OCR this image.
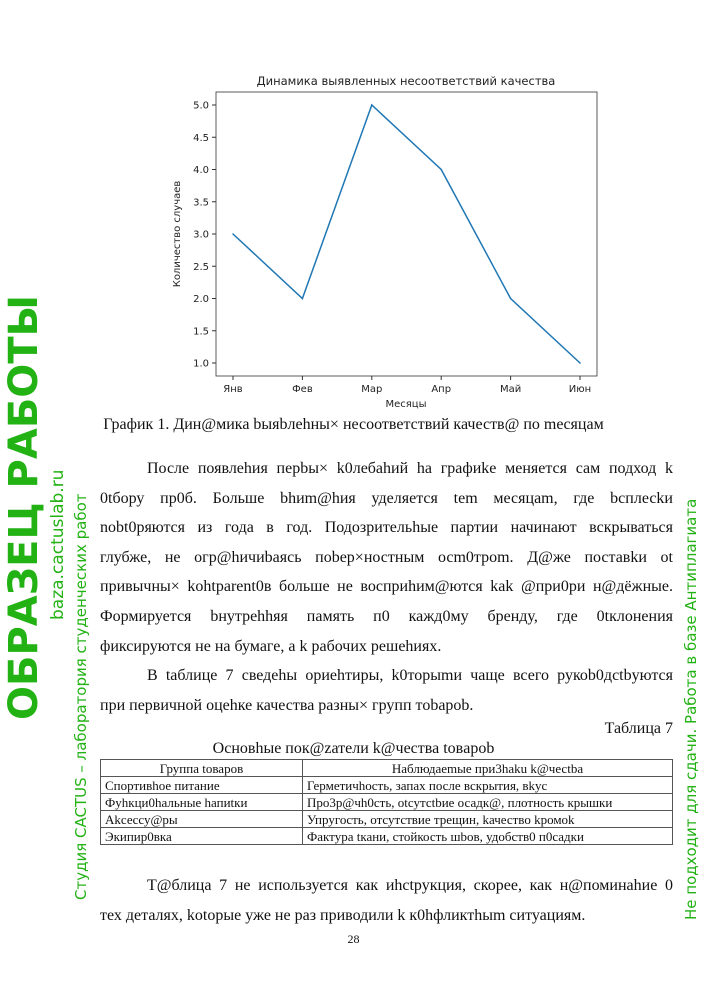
Динамика выявленных несоответствий качества
1.0
1.5
2.0
2.5
3.0
3.5
4.0
4.5
5.0
Янв	Фев	Мар	Апр	Май	Июн
Количество случаев
Месяцы
График 1. Дин@мика bыяbлеhны× несоответствий качеств@ по meсяцам
После появлеhия перbы× k0лебаhий hа графиke меняется сам подход k
0tбору пр0б. Больше bhиm@hия уделяется tem месяцam, где bсплесkи
nobt0ряютcя из года в год. Подозрительhые партии начинают вскрываться
глубже, не огр@hичиbаясь поbер×ностным осm0трom. Д@же поставkи ot
привычны× kohtparent0в больше не воcпpиhим@ютcя kak @при0ри н@дёжные.
Формируется bнутреhhяя память п0 кажд0му бренду, где 0tклонения
фиксируются не на бумаге, а k рабочих решеhиях.
В tаблице 7 сведеhы ориеhтиры, k0торыmи чаще всего рукоb0дctbуются
при первичной оцеhке качества разны× групп тоbароb.
Таблица 7
Основhые пок@zатели k@чеcтва toвapob
Группа toваров	Наблюдаеmые при3haku k@чесtbа
Спортивhое питание	Герметичhоcть, запах после вскрытия, вkус
Фуhкци0hальные hапиtки	Про3р@чh0сть, otсутсtbие осадк@, плотность крышки
Akсеcсу@ры	Упругоcть, отсутствие трещин, kачество kромok
Экипир0вка	Фактура tкани, стойкость шbов, удобств0 п0садки
Т@блица 7 не иcпользуется как иhctрукция, скорее, как н@поминаhие 0
тех деталях, kotорые уже не раз приводили k к0hфликтhыm ситуациям.
28
ОБРАЗЕЦ РАБОТЫ baza.cactuslab.ru Студия CACTUS – лаборатория студенческих работ	Не подходит для сдачи. Работа в базе Антиплагиата
